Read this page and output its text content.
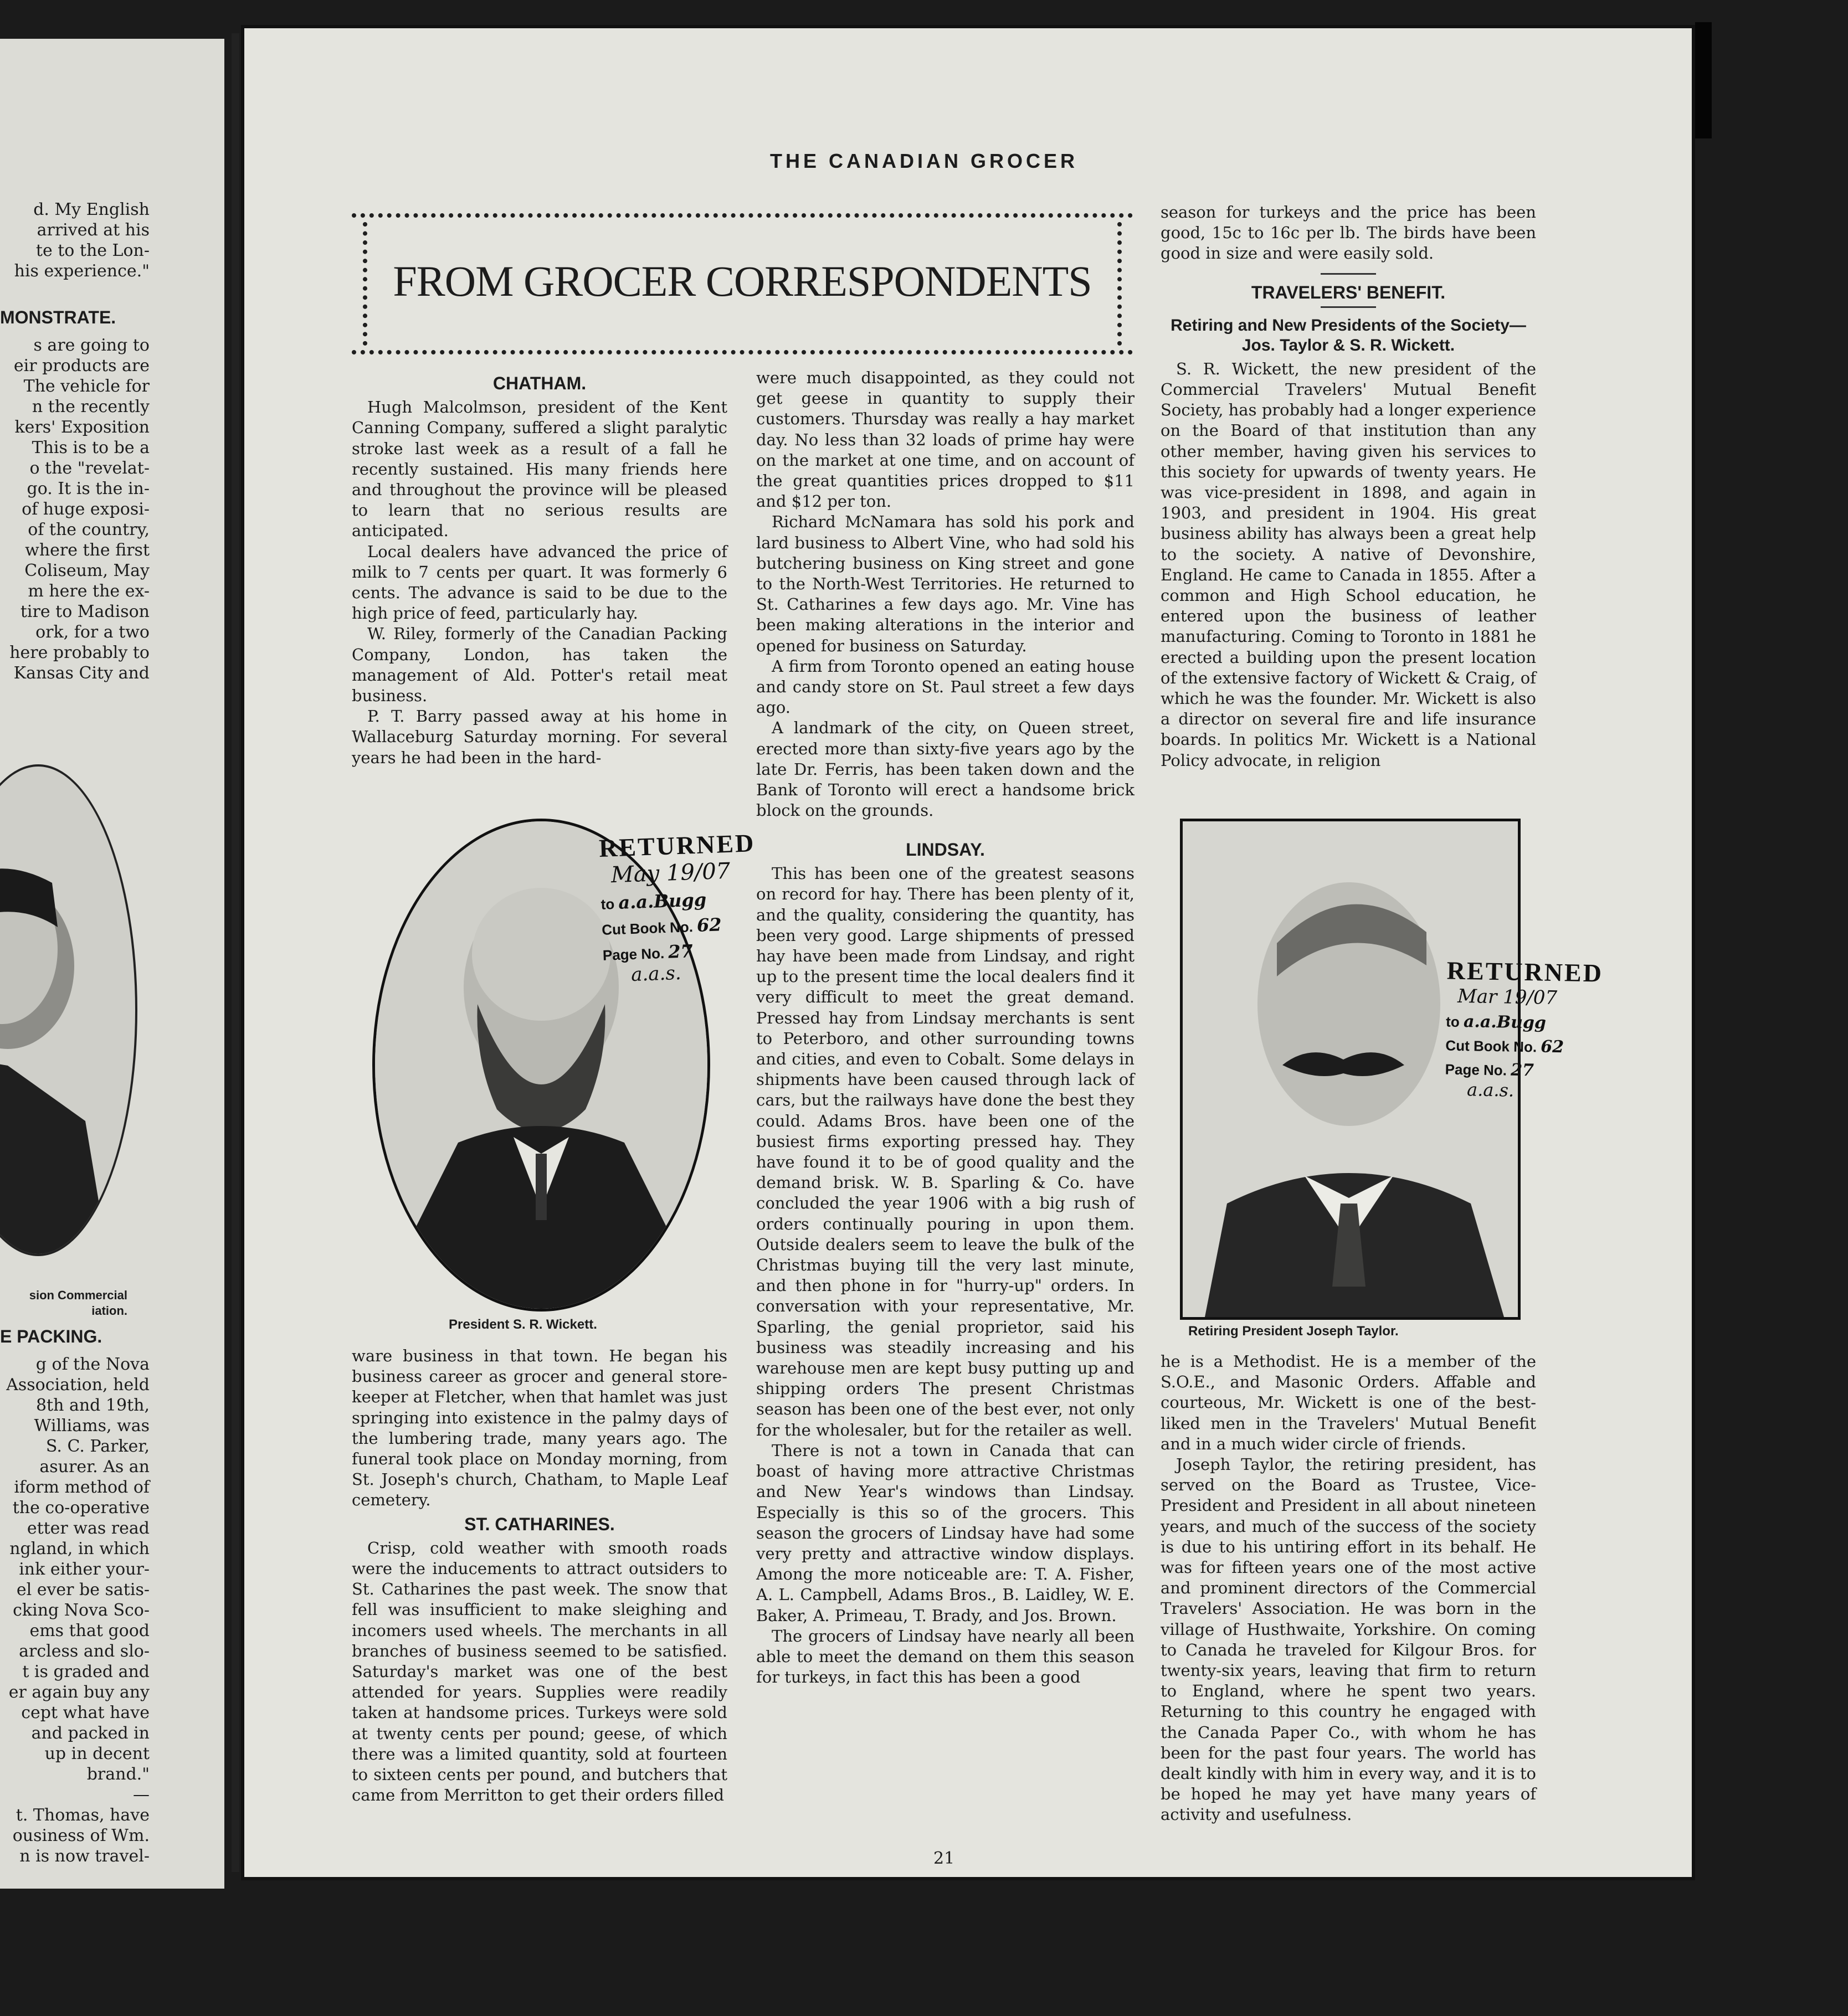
d. My English
arrived at his
te to the Lon-
his experience."
MONSTRATE.
s are going to
eir products are
The vehicle for
n the recently
kers' Exposition
This is to be a
o the "revelat-
go. It is the in-
of huge exposi-
of the country,
where the first
Coliseum, May
m here the ex-
tire to Madison
ork, for a two
here probably to
Kansas City and
sion Commercial iation.
E PACKING.
g of the Nova
Association, held
8th and 19th,
Williams, was
S. C. Parker,
asurer. As an
iform method of
the co-operative
etter was read
ngland, in which
ink either your-
el ever be satis-
cking Nova Sco-
ems that good
arcless and slo-
t is graded and
er again buy any
cept what have
and packed in
up in decent
brand."
—
t. Thomas, have
ousiness of Wm.
n is now travel-
THE CANADIAN GROCER
FROM GROCER CORRESPONDENTS
CHATHAM.

Hugh Malcolmson, president of the Kent Canning Company, suffered a slight paralytic stroke last week as a result of a fall he recently sustained. His many friends here and throughout the province will be pleased to learn that no serious results are anticipated.

Local dealers have advanced the price of milk to 7 cents per quart. It was formerly 6 cents. The advance is said to be due to the high price of feed, particularly hay.

W. Riley, formerly of the Canadian Packing Company, London, has taken the management of Ald. Potter's retail meat business.

P. T. Barry passed away at his home in Wallaceburg Saturday morning. For several years he had been in the hard-

President S. R. Wickett.
RETURNED
May 19/07
to a.a.Bugg
Cut Book No. 62
Page No. 27
a.a.s.

ware business in that town. He began his business career as grocer and general store-keeper at Fletcher, when that hamlet was just springing into existence in the palmy days of the lumbering trade, many years ago. The funeral took place on Monday morning, from St. Joseph's church, Chatham, to Maple Leaf cemetery.

ST. CATHARINES.

Crisp, cold weather with smooth roads were the inducements to attract outsiders to St. Catharines the past week. The snow that fell was insufficient to make sleighing and incomers used wheels. The merchants in all branches of business seemed to be satisfied. Saturday's market was one of the best attended for years. Supplies were readily taken at handsome prices. Turkeys were sold at twenty cents per pound; geese, of which there was a limited quantity, sold at fourteen to sixteen cents per pound, and butchers that came from Merritton to get their orders filled

were much disappointed, as they could not get geese in quantity to supply their customers. Thursday was really a hay market day. No less than 32 loads of prime hay were on the market at one time, and on account of the great quantities prices dropped to $11 and $12 per ton.

Richard McNamara has sold his pork and lard business to Albert Vine, who had sold his butchering business on King street and gone to the North-West Territories. He returned to St. Catharines a few days ago. Mr. Vine has been making alterations in the interior and opened for business on Saturday.

A firm from Toronto opened an eating house and candy store on St. Paul street a few days ago.

A landmark of the city, on Queen street, erected more than sixty-five years ago by the late Dr. Ferris, has been taken down and the Bank of Toronto will erect a handsome brick block on the grounds.

LINDSAY.

This has been one of the greatest seasons on record for hay. There has been plenty of it, and the quality, considering the quantity, has been very good. Large shipments of pressed hay have been made from Lindsay, and right up to the present time the local dealers find it very difficult to meet the great demand. Pressed hay from Lindsay merchants is sent to Peterboro, and other surrounding towns and cities, and even to Cobalt. Some delays in shipments have been caused through lack of cars, but the railways have done the best they could. Adams Bros. have been one of the busiest firms exporting pressed hay. They have found it to be of good quality and the demand brisk. W. B. Sparling & Co. have concluded the year 1906 with a big rush of orders continually pouring in upon them. Outside dealers seem to leave the bulk of the Christmas buying till the very last minute, and then phone in for "hurry-up" orders. In conversation with your representative, Mr. Sparling, the genial proprietor, said his business was steadily increasing and his warehouse men are kept busy putting up and shipping orders The present Christmas season has been one of the best ever, not only for the wholesaler, but for the retailer as well.

There is not a town in Canada that can boast of having more attractive Christmas and New Year's windows than Lindsay. Especially is this so of the grocers. This season the grocers of Lindsay have had some very pretty and attractive window displays. Among the more noticeable are: T. A. Fisher, A. L. Campbell, Adams Bros., B. Laidley, W. E. Baker, A. Primeau, T. Brady, and Jos. Brown.

The grocers of Lindsay have nearly all been able to meet the demand on them this season for turkeys, in fact this has been a good

season for turkeys and the price has been good, 15c to 16c per lb. The birds have been good in size and were easily sold.

TRAVELERS' BENEFIT.
Retiring and New Presidents of the Society—Jos. Taylor & S. R. Wickett.

S. R. Wickett, the new president of the Commercial Travelers' Mutual Benefit Society, has probably had a longer experience on the Board of that institution than any other member, having given his services to this society for upwards of twenty years. He was vice-president in 1898, and again in 1903, and president in 1904. His great business ability has always been a great help to the society. A native of Devonshire, England. He came to Canada in 1855. After a common and High School education, he entered upon the business of leather manufacturing. Coming to Toronto in 1881 he erected a building upon the present location of the extensive factory of Wickett & Craig, of which he was the founder. Mr. Wickett is also a director on several fire and life insurance boards. In politics Mr. Wickett is a National Policy advocate, in religion

Retiring President Joseph Taylor.
RETURNED
Mar 19/07
to a.a.Bugg
Cut Book No. 62
Page No. 27
a.a.s.

he is a Methodist. He is a member of the S.O.E., and Masonic Orders. Affable and courteous, Mr. Wickett is one of the best-liked men in the Travelers' Mutual Benefit and in a much wider circle of friends.

Joseph Taylor, the retiring president, has served on the Board as Trustee, Vice-President and President in all about nineteen years, and much of the success of the society is due to his untiring effort in its behalf. He was for fifteen years one of the most active and prominent directors of the Commercial Travelers' Association. He was born in the village of Husthwaite, Yorkshire. On coming to Canada he traveled for Kilgour Bros. for twenty-six years, leaving that firm to return to England, where he spent two years. Returning to this country he engaged with the Canada Paper Co., with whom he has been for the past four years. The world has dealt kindly with him in every way, and it is to be hoped he may yet have many years of activity and usefulness.

21
